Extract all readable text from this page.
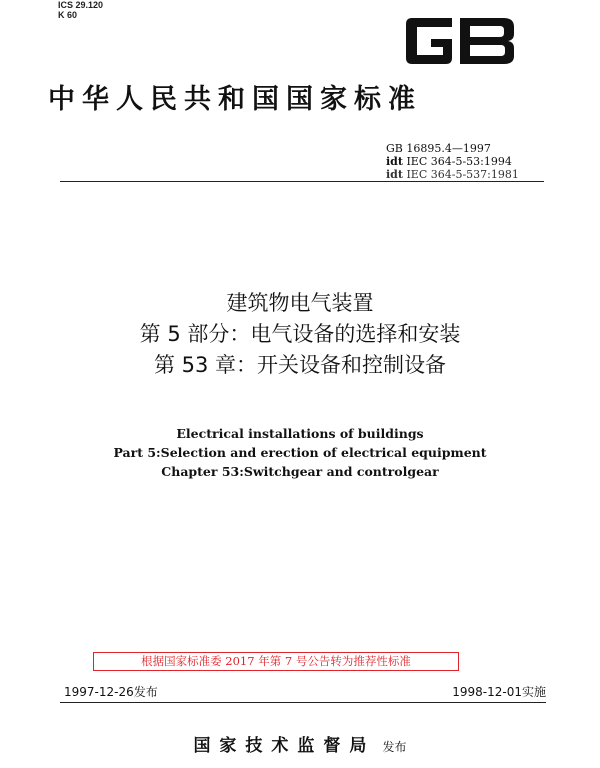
ICS 29.120
K 60
中华人民共和国国家标准
GB 16895.4—1997
idt IEC 364-5-53:1994
idt IEC 364-5-537:1981
建筑物电气装置
第 5 部分：电气设备的选择和安装
第 53 章：开关设备和控制设备
Electrical installations of buildings
Part 5:Selection and erection of electrical equipment
Chapter 53:Switchgear and controlgear
根据国家标准委 2017 年第 7 号公告转为推荐性标准
1997-12-26发布	1998-12-01实施
国家技术监督局 发布
